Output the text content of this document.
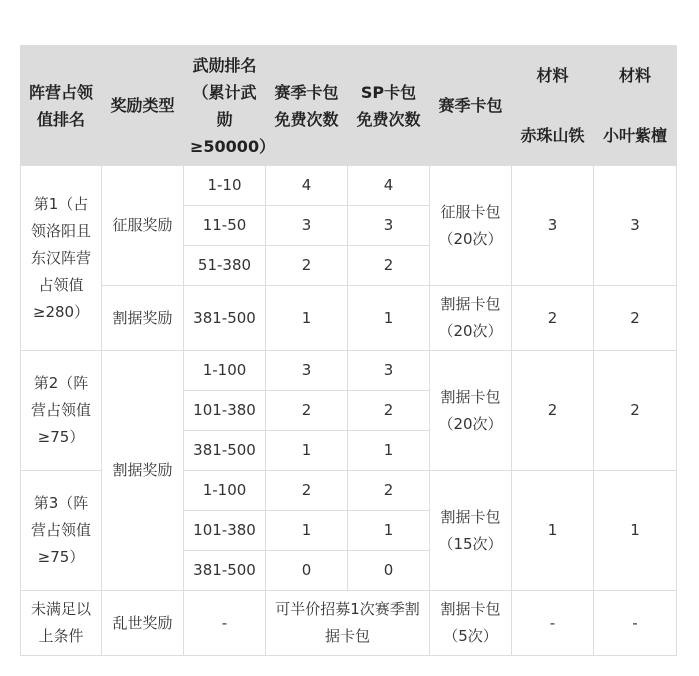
阵营占领值排名	奖励类型	武勋排名（累计武勋≥50000）	赛季卡包免费次数	SP卡包免费次数	赛季卡包	材料	材料
						赤珠山铁	小叶紫檀
第1（占领洛阳且东汉阵营占领值≥280）	征服奖励	1-10	4	4	征服卡包（20次）	3	3
		11-50	3	3			
		51-380	2	2			
	割据奖励	381-500	1	1	割据卡包（20次）	2	2
第2（阵营占领值≥75）	割据奖励	1-100	3	3	割据卡包（20次）	2	2
		101-380	2	2			
		381-500	1	1			
第3（阵营占领值≥75）		1-100	2	2	割据卡包（15次）	1	1
		101-380	1	1			
		381-500	0	0			
未满足以上条件	乱世奖励	-	可半价招募1次赛季割据卡包		割据卡包（5次）	-	-
